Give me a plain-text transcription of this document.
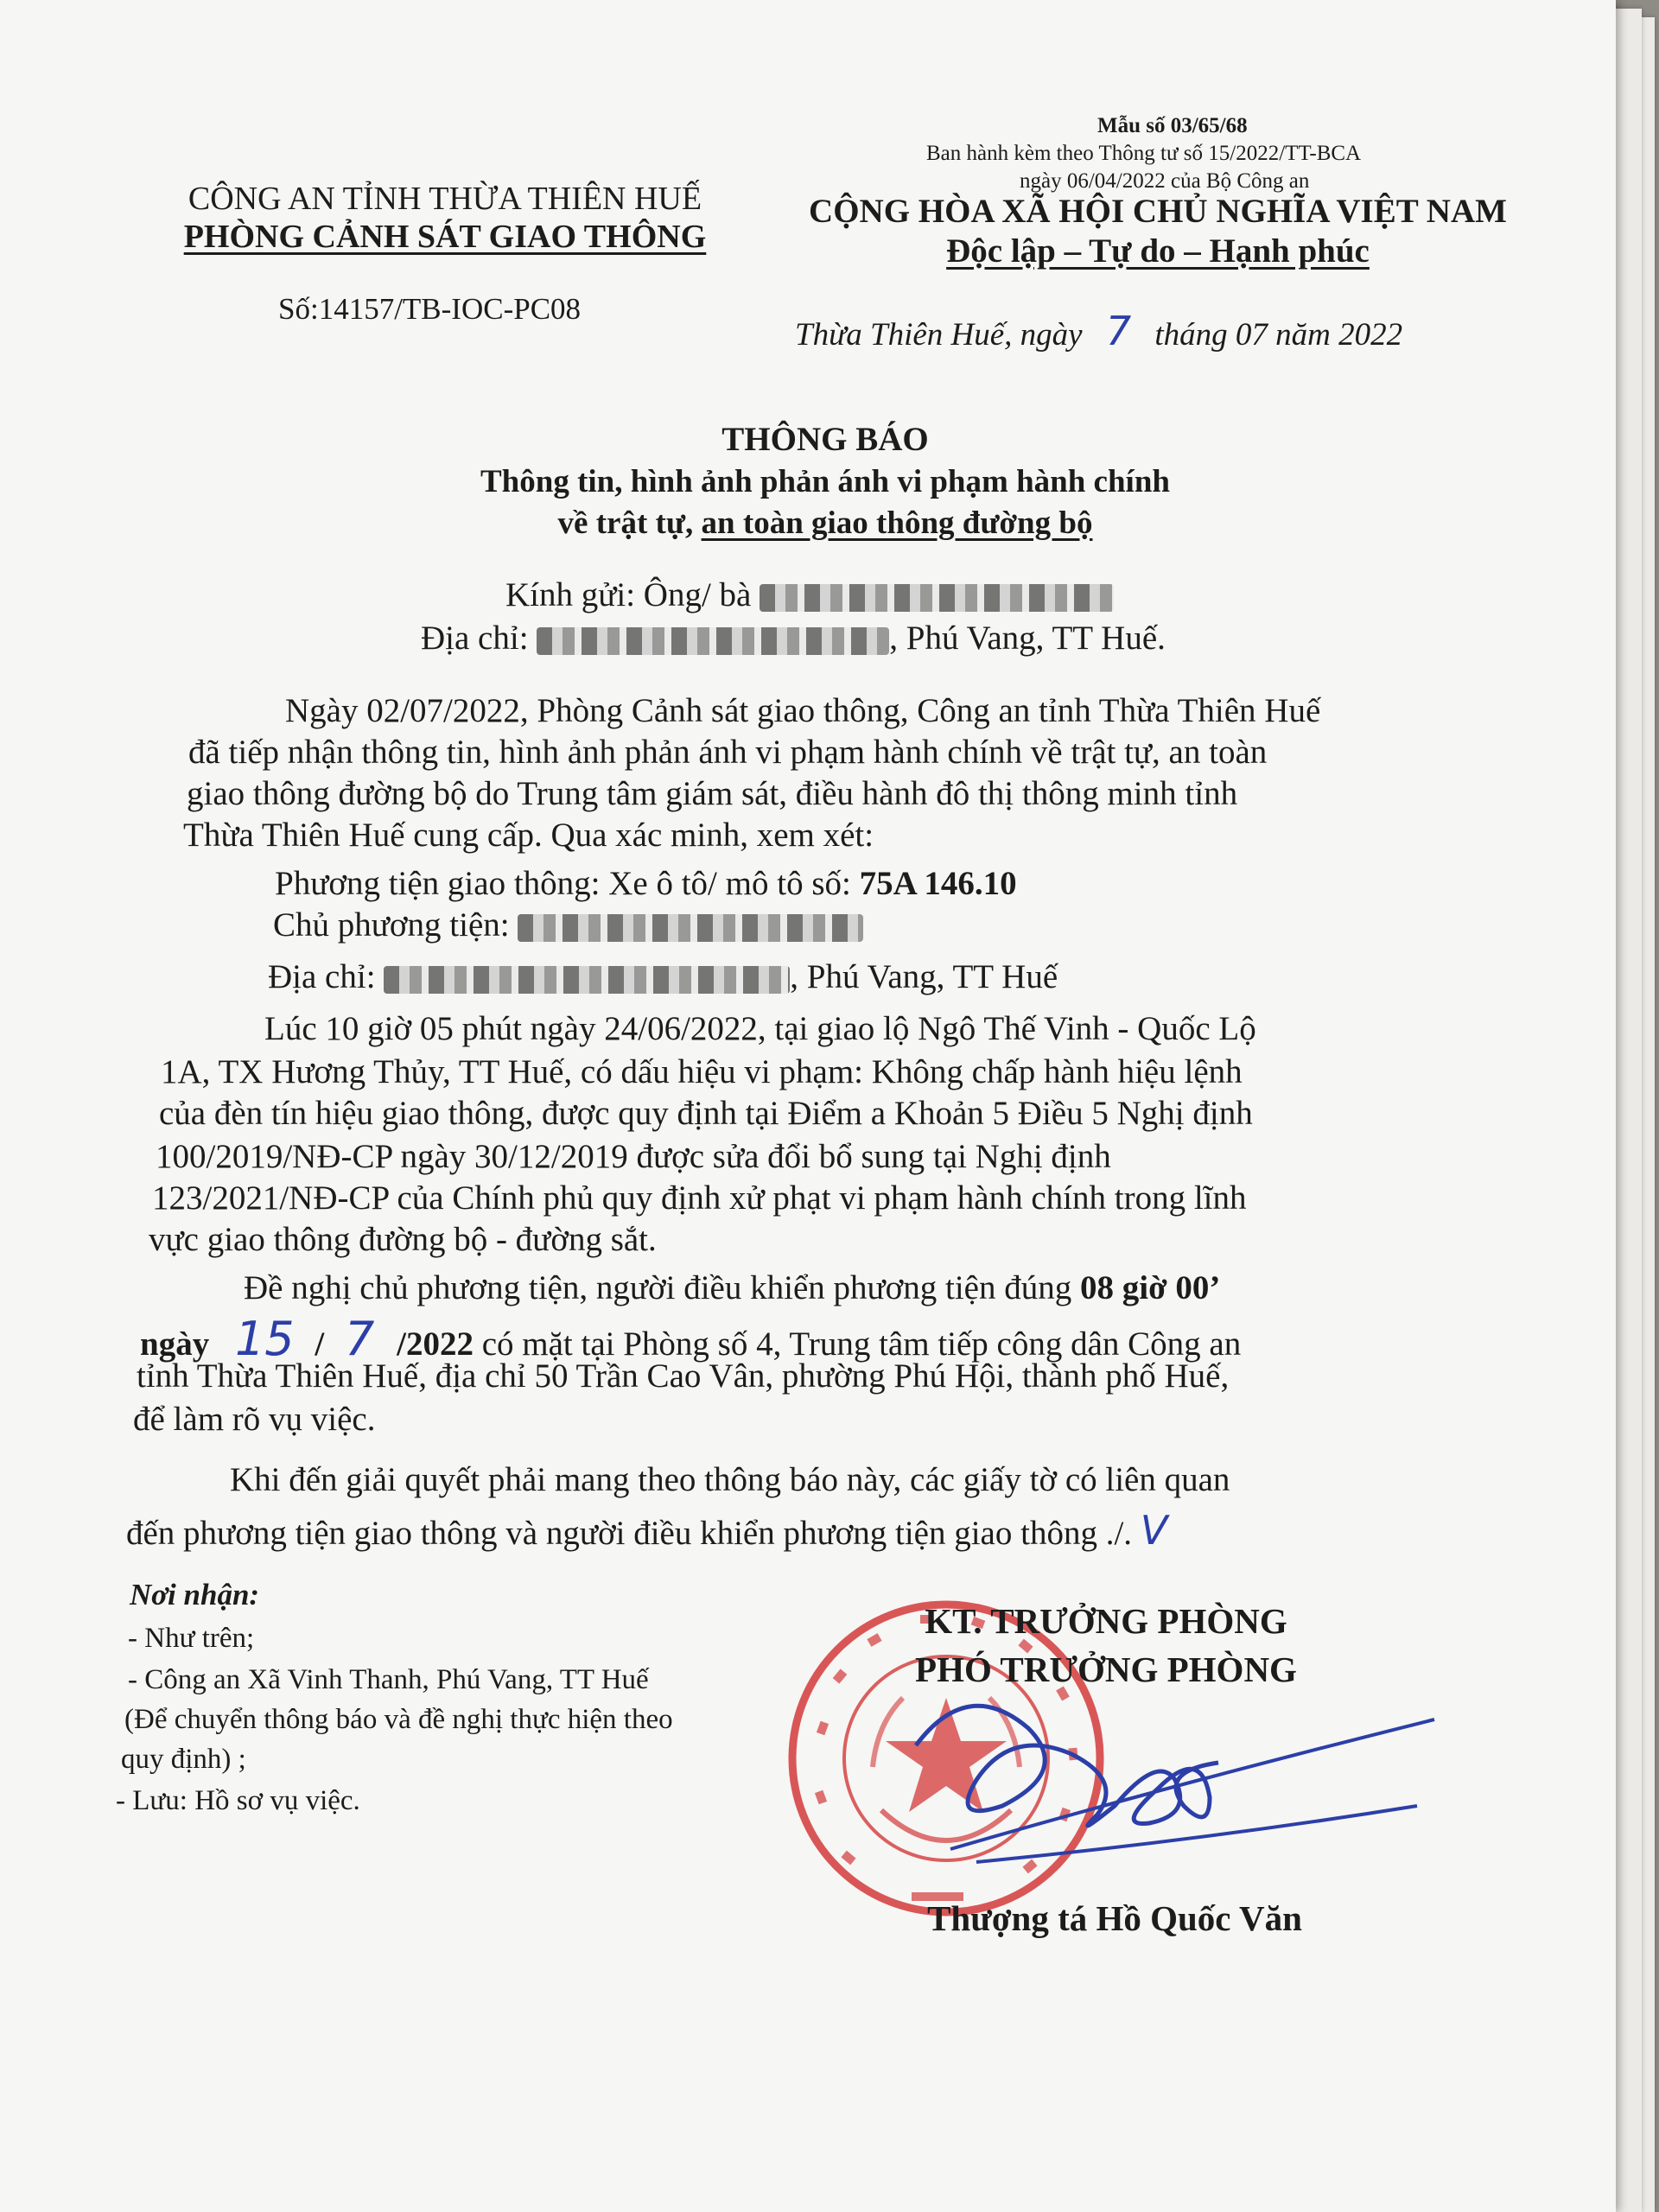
Mẫu số 03/65/68
Ban hành kèm theo Thông tư số 15/2022/TT-BCA
ngày 06/04/2022 của Bộ Công an
CÔNG AN TỈNH THỪA THIÊN HUẾ
PHÒNG CẢNH SÁT GIAO THÔNG
Số:14157/TB-IOC-PC08
CỘNG HÒA XÃ HỘI CHỦ NGHĨA VIỆT NAM
Độc lập – Tự do – Hạnh phúc
Thừa Thiên Huế, ngày 7 tháng 07 năm 2022
THÔNG BÁO
Thông tin, hình ảnh phản ánh vi phạm hành chính
về trật tự, an toàn giao thông đường bộ
Kính gửi: Ông/ bà
Địa chỉ:	, Phú Vang, TT Huế.
Ngày 02/07/2022, Phòng Cảnh sát giao thông, Công an tỉnh Thừa Thiên Huế
đã tiếp nhận thông tin, hình ảnh phản ánh vi phạm hành chính về trật tự, an toàn
giao thông đường bộ do Trung tâm giám sát, điều hành đô thị thông minh tỉnh
Thừa Thiên Huế cung cấp. Qua xác minh, xem xét:
Phương tiện giao thông: Xe ô tô/ mô tô số: 75A 146.10
Chủ phương tiện:
Địa chỉ:	, Phú Vang, TT Huế
Lúc 10 giờ 05 phút ngày 24/06/2022, tại giao lộ Ngô Thế Vinh - Quốc Lộ
1A, TX Hương Thủy, TT Huế, có dấu hiệu vi phạm: Không chấp hành hiệu lệnh
của đèn tín hiệu giao thông, được quy định tại Điểm a Khoản 5 Điều 5 Nghị định
100/2019/NĐ-CP ngày 30/12/2019 được sửa đổi bổ sung tại Nghị định
123/2021/NĐ-CP của Chính phủ quy định xử phạt vi phạm hành chính trong lĩnh
vực giao thông đường bộ - đường sắt.
Đề nghị chủ phương tiện, người điều khiển phương tiện đúng 08 giờ 00’
ngày 15 / 7 /2022 có mặt tại Phòng số 4, Trung tâm tiếp công dân Công an
tỉnh Thừa Thiên Huế, địa chỉ 50 Trần Cao Vân, phường Phú Hội, thành phố Huế,
để làm rõ vụ việc.
Khi đến giải quyết phải mang theo thông báo này, các giấy tờ có liên quan
đến phương tiện giao thông và người điều khiển phương tiện giao thông ./. V
Nơi nhận:
- Như trên;
- Công an Xã Vinh Thanh, Phú Vang, TT Huế
(Để chuyển thông báo và đề nghị thực hiện theo
quy định) ;
- Lưu: Hồ sơ vụ việc.
KT. TRƯỞNG PHÒNG
PHÓ TRƯỞNG PHÒNG
Thượng tá Hồ Quốc Văn
